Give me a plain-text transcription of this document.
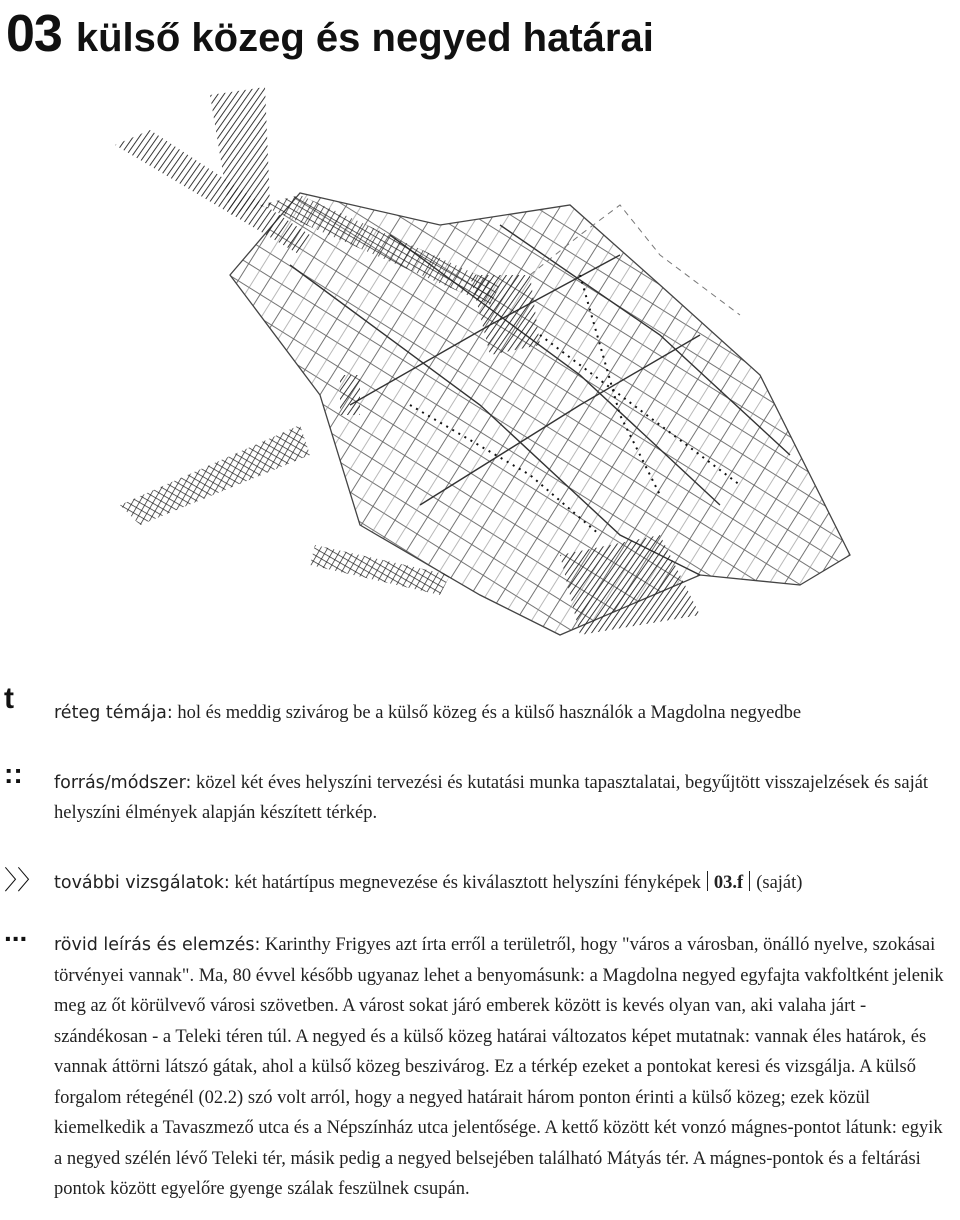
03 külső közeg és negyed határai
t réteg témája: hol és meddig szivárog be a külső közeg és a külső használók a Magdolna negyedbe
:: forrás/módszer: közel két éves helyszíni tervezési és kutatási munka tapasztalatai, begyűjtött visszajelzések és saját helyszíni élmények alapján készített térkép.
〉〉 további vizsgálatok: két határtípus megnevezése és kiválasztott helyszíni fényképek 03.f (saját)
... rövid leírás és elemzés: Karinthy Frigyes azt írta erről a területről, hogy "város a városban, önálló nyelve, szokásai törvényei vannak". Ma, 80 évvel később ugyanaz lehet a benyomásunk: a Magdolna negyed egyfajta vakfoltként jelenik meg az őt körülvevő városi szövetben. A várost sokat járó emberek között is kevés olyan van, aki valaha járt - szándékosan - a Teleki téren túl. A negyed és a külső közeg határai változatos képet mutatnak: vannak éles határok, és vannak áttörni látszó gátak, ahol a külső közeg beszivárog. Ez a térkép ezeket a pontokat keresi és vizsgálja. A külső forgalom rétegénél (02.2) szó volt arról, hogy a negyed határait három ponton érinti a külső közeg; ezek közül kiemelkedik a Tavaszmező utca és a Népszínház utca jelentősége. A kettő között két vonzó mágnes-pontot látunk: egyik a negyed szélén lévő Teleki tér, másik pedig a negyed belsejében található Mátyás tér. A mágnes-pontok és a feltárási pontok között egyelőre gyenge szálak feszülnek csupán.
